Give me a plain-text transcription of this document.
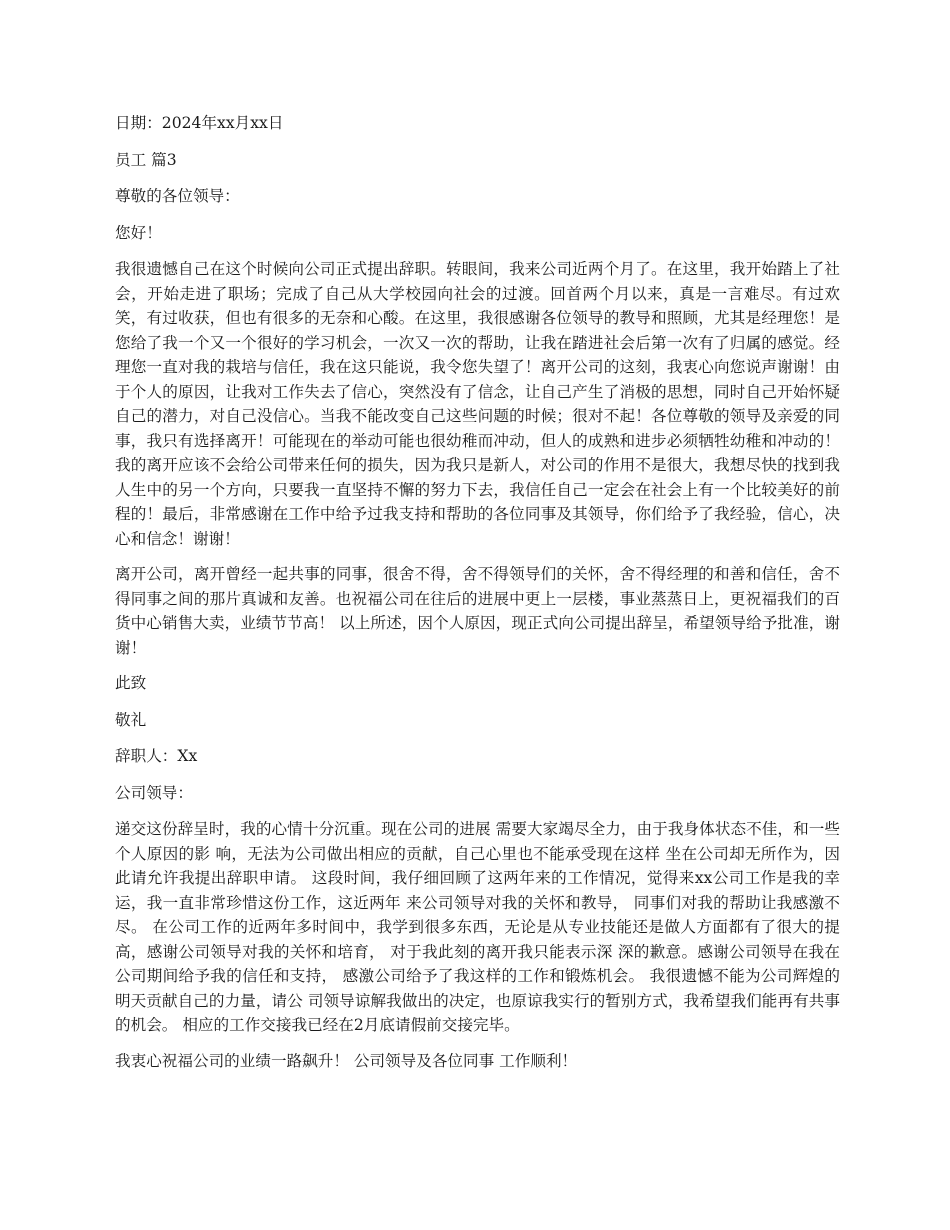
日期：2024年xx月xx日

员工 篇3

尊敬的各位领导：

您好！

我很遗憾自己在这个时候向公司正式提出辞职。转眼间，我来公司近两个月了。在这里，我开始踏上了社会，开始走进了职场；完成了自己从大学校园向社会的过渡。回首两个月以来，真是一言难尽。有过欢笑，有过收获，但也有很多的无奈和心酸。在这里，我很感谢各位领导的教导和照顾，尤其是经理您！是您给了我一个又一个很好的学习机会，一次又一次的帮助，让我在踏进社会后第一次有了归属的感觉。经理您一直对我的栽培与信任，我在这只能说，我令您失望了！离开公司的这刻，我衷心向您说声谢谢！由于个人的原因，让我对工作失去了信心，突然没有了信念，让自己产生了消极的思想，同时自己开始怀疑自己的潜力，对自己没信心。当我不能改变自己这些问题的时候；很对不起！各位尊敬的领导及亲爱的同事，我只有选择离开！可能现在的举动可能也很幼稚而冲动，但人的成熟和进步必须牺牲幼稚和冲动的！我的离开应该不会给公司带来任何的损失，因为我只是新人，对公司的作用不是很大，我想尽快的找到我人生中的另一个方向，只要我一直坚持不懈的努力下去，我信任自己一定会在社会上有一个比较美好的前程的！最后，非常感谢在工作中给予过我支持和帮助的各位同事及其领导，你们给予了我经验，信心，决心和信念！谢谢！

离开公司，离开曾经一起共事的同事，很舍不得，舍不得领导们的关怀，舍不得经理的和善和信任，舍不得同事之间的那片真诚和友善。也祝福公司在往后的进展中更上一层楼，事业蒸蒸日上，更祝福我们的百货中心销售大卖，业绩节节高！ 以上所述，因个人原因，现正式向公司提出辞呈，希望领导给予批准，谢谢！

此致

敬礼

辞职人：Xx

公司领导：

递交这份辞呈时，我的心情十分沉重。现在公司的进展 需要大家竭尽全力，由于我身体状态不佳，和一些个人原因的影 响，无法为公司做出相应的贡献，自己心里也不能承受现在这样 坐在公司却无所作为，因此请允许我提出辞职申请。 这段时间，我仔细回顾了这两年来的工作情况，觉得来xx公司工作是我的幸运，我一直非常珍惜这份工作，这近两年 来公司领导对我的关怀和教导， 同事们对我的帮助让我感激不尽。 在公司工作的近两年多时间中，我学到很多东西，无论是从专业技能还是做人方面都有了很大的提高，感谢公司领导对我的关怀和培育， 对于我此刻的离开我只能表示深 深的歉意。感谢公司领导在我在公司期间给予我的信任和支持， 感激公司给予了我这样的工作和锻炼机会。 我很遗憾不能为公司辉煌的明天贡献自己的力量，请公 司领导谅解我做出的决定，也原谅我实行的暂别方式，我希望我们能再有共事的机会。 相应的工作交接我已经在2月底请假前交接完毕。

我衷心祝福公司的业绩一路飙升！ 公司领导及各位同事 工作顺利！
